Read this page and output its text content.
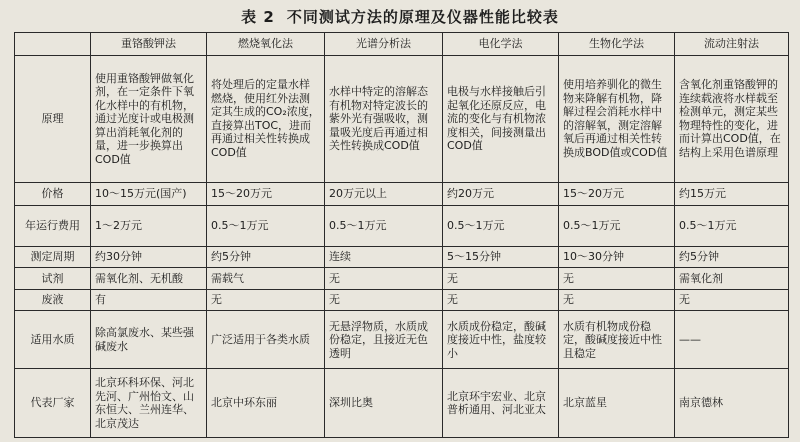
表 2 不同测试方法的原理及仪器性能比较表
	重铬酸钾法	燃烧氧化法	光谱分析法	电化学法	生物化学法	流动注射法
原理	使用重铬酸钾做氧化剂，在一定条件下氧化水样中的有机物，通过光度计或电极测算出消耗氧化剂的量，进一步换算出COD值	将处理后的定量水样燃烧，使用红外法测定其生成的CO₂浓度，直接算出TOC，进而再通过相关性转换成COD值	水样中特定的溶解态有机物对特定波长的紫外光有强吸收，测量吸光度后再通过相关性转换成COD值	电极与水样接触后引起氧化还原反应，电流的变化与有机物浓度相关，间接测量出COD值	使用培养驯化的微生物来降解有机物，降解过程会消耗水样中的溶解氧，测定溶解氧后再通过相关性转换成BOD值或COD值	含氧化剂重铬酸钾的连续载液将水样载至检测单元，测定某些物理特性的变化，进而计算出COD值，在结构上采用色谱原理
价格	10～15万元(国产)	15～20万元	20万元以上	约20万元	15～20万元	约15万元
年运行费用	1～2万元	0.5～1万元	0.5～1万元	0.5～1万元	0.5～1万元	0.5～1万元
测定周期	约30分钟	约5分钟	连续	5～15分钟	10～30分钟	约5分钟
试剂	需氧化剂、无机酸	需载气	无	无	无	需氧化剂
废液	有	无	无	无	无	无
适用水质	除高氯废水、某些强碱废水	广泛适用于各类水质	无悬浮物质，水质成份稳定，且接近无色透明	水质成份稳定，酸碱度接近中性，盐度较小	水质有机物成份稳定，酸碱度接近中性且稳定	——
代表厂家	北京环科环保、河北先河、广州怡文、山东恒大、兰州连华、北京茂达	北京中环东丽	深圳比奥	北京环宇宏业、北京普析通用、河北亚太	北京蓝星	南京德林
